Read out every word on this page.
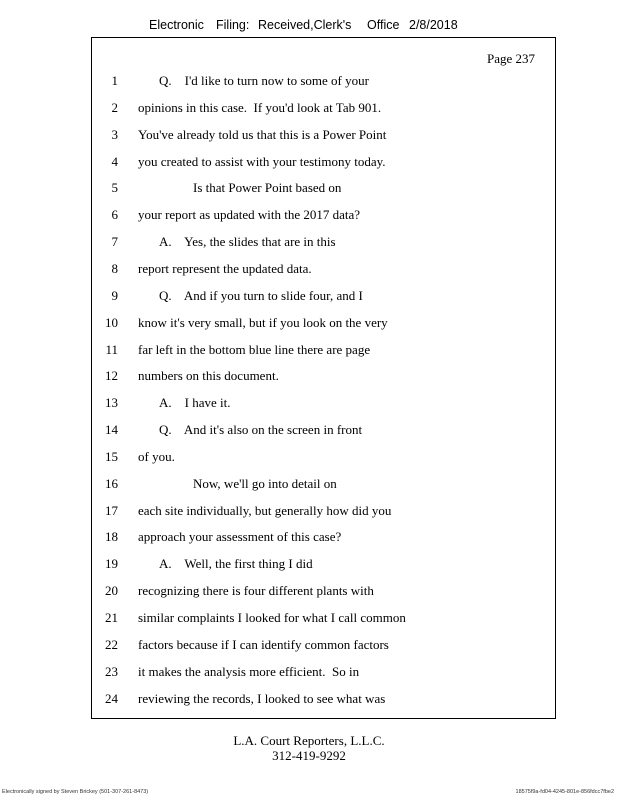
Electronic Filing: Received,Clerk's Office 2/8/2018
Page 237
1	Q.    I'd like to turn now to some of your
2 opinions in this case.  If you'd look at Tab 901.
3 You've already told us that this is a Power Point
4 you created to assist with your testimony today.
5	Is that Power Point based on
6 your report as updated with the 2017 data?
7	A.    Yes, the slides that are in this
8 report represent the updated data.
9	Q.    And if you turn to slide four, and I
10 know it's very small, but if you look on the very
11 far left in the bottom blue line there are page
12 numbers on this document.
13	A.    I have it.
14	Q.    And it's also on the screen in front
15 of you.
16	Now, we'll go into detail on
17 each site individually, but generally how did you
18 approach your assessment of this case?
19	A.    Well, the first thing I did
20 recognizing there is four different plants with
21 similar complaints I looked for what I call common
22 factors because if I can identify common factors
23 it makes the analysis more efficient.  So in
24 reviewing the records, I looked to see what was
L.A. Court Reporters, L.L.C.
312-419-9292
Electronically signed by Steven Brickey (501-307-261-8473)	18575f9a-fd04-4245-801e-856fdcc7fbe2
